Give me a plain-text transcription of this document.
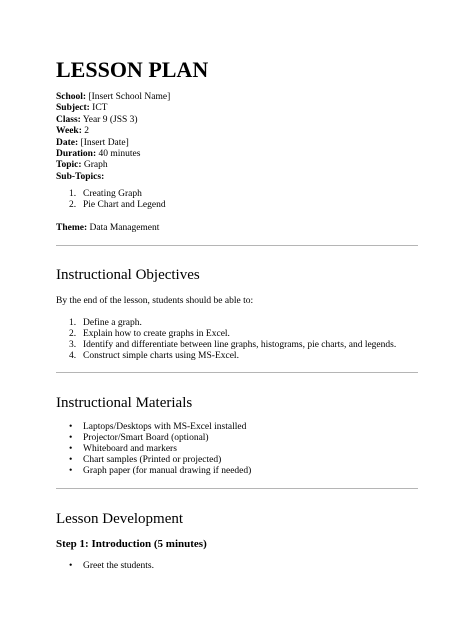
LESSON PLAN
School: [Insert School Name]
Subject: ICT
Class: Year 9 (JSS 3)
Week: 2
Date: [Insert Date]
Duration: 40 minutes
Topic: Graph
Sub-Topics:
1. Creating Graph
2. Pie Chart and Legend
Theme: Data Management
Instructional Objectives
By the end of the lesson, students should be able to:
1. Define a graph.
2. Explain how to create graphs in Excel.
3. Identify and differentiate between line graphs, histograms, pie charts, and legends.
4. Construct simple charts using MS-Excel.
Instructional Materials
• Laptops/Desktops with MS-Excel installed
• Projector/Smart Board (optional)
• Whiteboard and markers
• Chart samples (Printed or projected)
• Graph paper (for manual drawing if needed)
Lesson Development
Step 1: Introduction (5 minutes)
• Greet the students.
